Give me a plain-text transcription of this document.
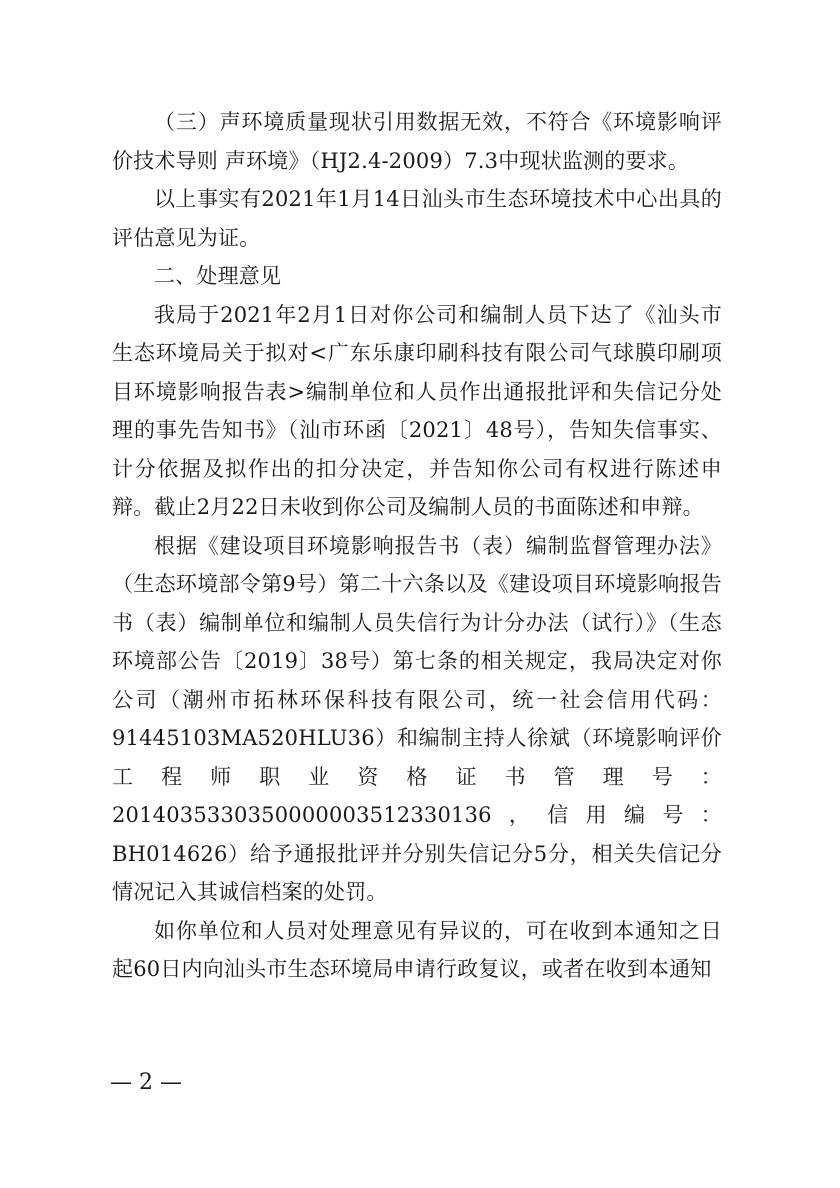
（三）声环境质量现状引用数据无效，不符合《环境影响评价技术导则 声环境》（HJ2.4-2009）7.3中现状监测的要求。

以上事实有2021年1月14日汕头市生态环境技术中心出具的评估意见为证。

二、处理意见

我局于2021年2月1日对你公司和编制人员下达了《汕头市生态环境局关于拟对<广东乐康印刷科技有限公司气球膜印刷项目环境影响报告表>编制单位和人员作出通报批评和失信记分处理的事先告知书》（汕市环函〔2021〕48号），告知失信事实、计分依据及拟作出的扣分决定，并告知你公司有权进行陈述申辩。截止2月22日未收到你公司及编制人员的书面陈述和申辩。

根据《建设项目环境影响报告书（表）编制监督管理办法》（生态环境部令第9号）第二十六条以及《建设项目环境影响报告书（表）编制单位和编制人员失信行为计分办法（试行）》（生态环境部公告〔2019〕38号）第七条的相关规定，我局决定对你公司（潮州市拓林环保科技有限公司，统一社会信用代码：91445103MA520HLU36）和编制主持人徐斌（环境影响评价工程师职业资格证书管理号：2014035330350000003512330136，信用编号：BH014626）给予通报批评并分别失信记分5分，相关失信记分情况记入其诚信档案的处罚。

如你单位和人员对处理意见有异议的，可在收到本通知之日起60日内向汕头市生态环境局申请行政复议，或者在收到本通知

— 2 —
